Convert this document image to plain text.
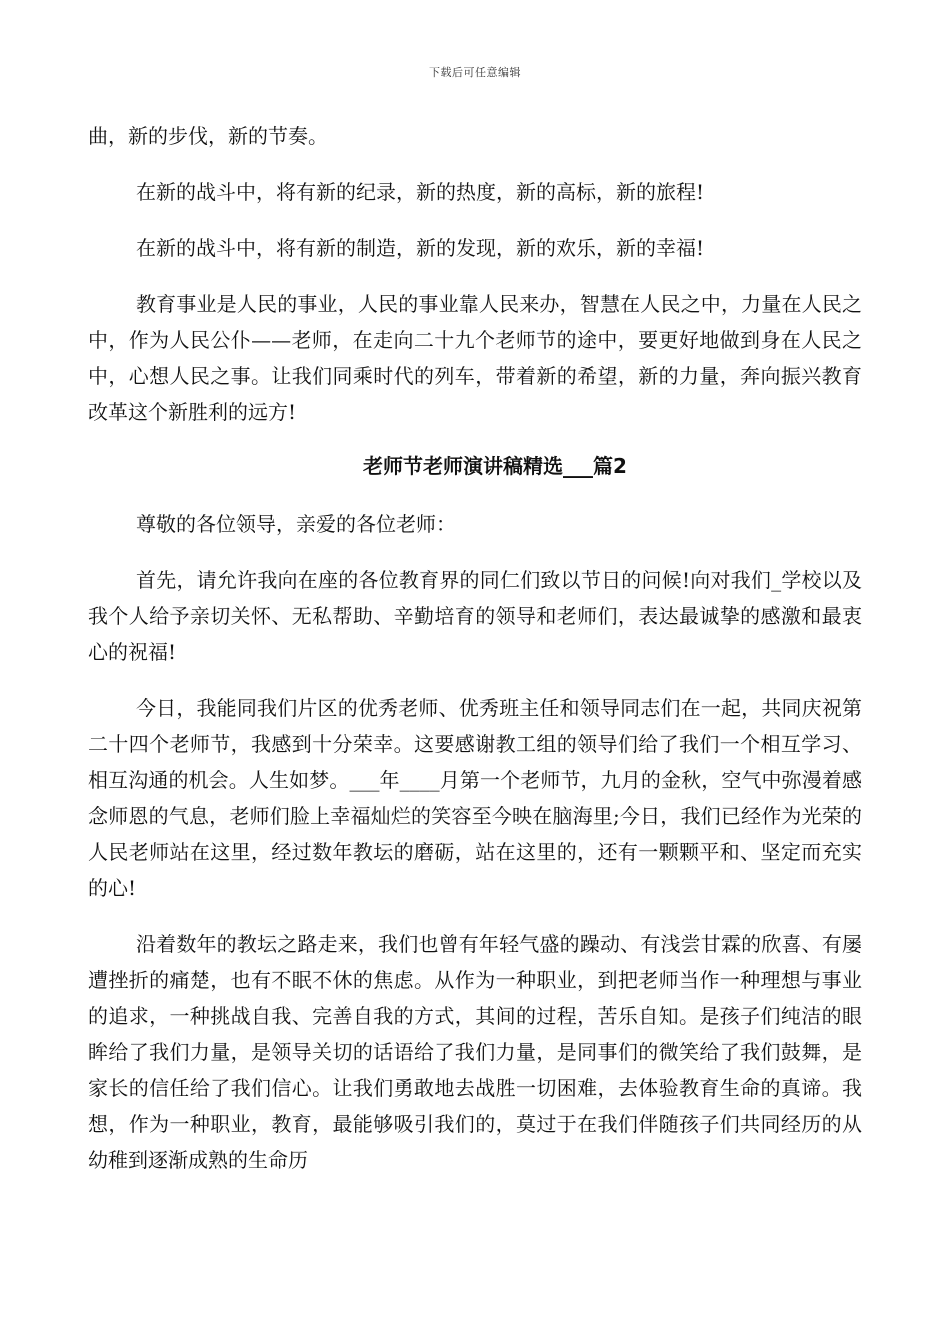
下载后可任意编辑

曲，新的步伐，新的节奏。

在新的战斗中，将有新的纪录，新的热度，新的高标，新的旅程!

在新的战斗中，将有新的制造，新的发现，新的欢乐，新的幸福!

教育事业是人民的事业，人民的事业靠人民来办，智慧在人民之中，力量在人民之中，作为人民公仆——老师，在走向二十九个老师节的途中，要更好地做到身在人民之中，心想人民之事。让我们同乘时代的列车，带着新的希望，新的力量，奔向振兴教育改革这个新胜利的远方!

老师节老师演讲稿精选___篇2

尊敬的各位领导，亲爱的各位老师：

首先，请允许我向在座的各位教育界的同仁们致以节日的问候!向对我们_学校以及我个人给予亲切关怀、无私帮助、辛勤培育的领导和老师们，表达最诚挚的感激和最衷心的祝福!

今日，我能同我们片区的优秀老师、优秀班主任和领导同志们在一起，共同庆祝第二十四个老师节，我感到十分荣幸。这要感谢教工组的领导们给了我们一个相互学习、相互沟通的机会。人生如梦。___年____月第一个老师节，九月的金秋，空气中弥漫着感念师恩的气息，老师们脸上幸福灿烂的笑容至今映在脑海里;今日，我们已经作为光荣的人民老师站在这里，经过数年教坛的磨砺，站在这里的，还有一颗颗平和、坚定而充实的心!

沿着数年的教坛之路走来，我们也曾有年轻气盛的躁动、有浅尝甘霖的欣喜、有屡遭挫折的痛楚，也有不眠不休的焦虑。从作为一种职业，到把老师当作一种理想与事业的追求，一种挑战自我、完善自我的方式，其间的过程，苦乐自知。是孩子们纯洁的眼眸给了我们力量，是领导关切的话语给了我们力量，是同事们的微笑给了我们鼓舞，是家长的信任给了我们信心。让我们勇敢地去战胜一切困难，去体验教育生命的真谛。我想，作为一种职业，教育，最能够吸引我们的，莫过于在我们伴随孩子们共同经历的从幼稚到逐渐成熟的生命历
